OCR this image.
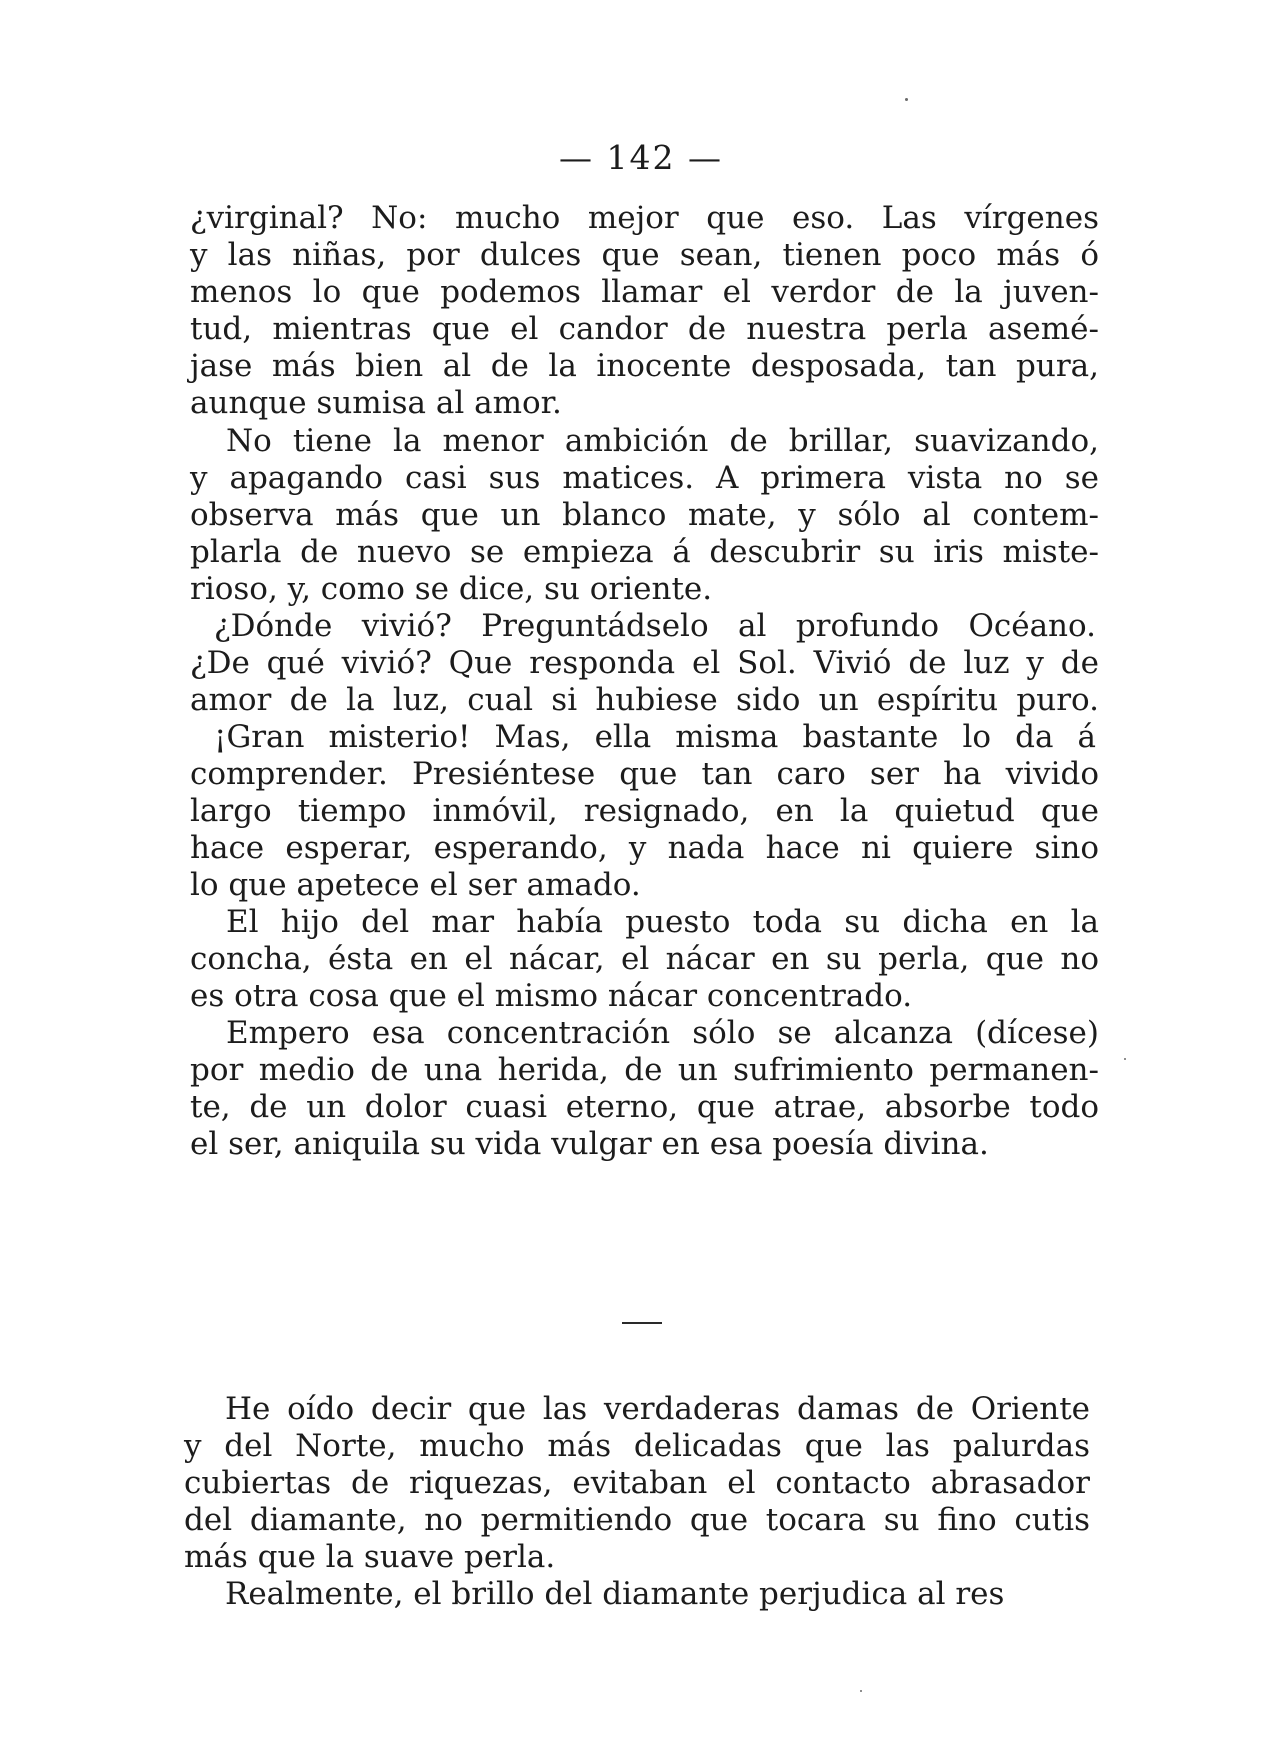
— 142 —
¿virginal? No: mucho mejor que eso. Las vírgenes
y las niñas, por dulces que sean, tienen poco más ó
menos lo que podemos llamar el verdor de la juven-
tud, mientras que el candor de nuestra perla asemé-
jase más bien al de la inocente desposada, tan pura,
aunque sumisa al amor.
No tiene la menor ambición de brillar, suavizando,
y apagando casi sus matices. A primera vista no se
observa más que un blanco mate, y sólo al contem-
plarla de nuevo se empieza á descubrir su iris miste-
rioso, y, como se dice, su oriente.
¿Dónde vivió? Preguntádselo al profundo Océano.
¿De qué vivió? Que responda el Sol. Vivió de luz y de
amor de la luz, cual si hubiese sido un espíritu puro.
¡Gran misterio! Mas, ella misma bastante lo da á
comprender. Presiéntese que tan caro ser ha vivido
largo tiempo inmóvil, resignado, en la quietud que
hace esperar, esperando, y nada hace ni quiere sino
lo que apetece el ser amado.
El hijo del mar había puesto toda su dicha en la
concha, ésta en el nácar, el nácar en su perla, que no
es otra cosa que el mismo nácar concentrado.
Empero esa concentración sólo se alcanza (dícese)
por medio de una herida, de un sufrimiento permanen-
te, de un dolor cuasi eterno, que atrae, absorbe todo
el ser, aniquila su vida vulgar en esa poesía divina.
He oído decir que las verdaderas damas de Oriente
y del Norte, mucho más delicadas que las palurdas
cubiertas de riquezas, evitaban el contacto abrasador
del diamante, no permitiendo que tocara su fino cutis
más que la suave perla.
Realmente, el brillo del diamante perjudica al res
